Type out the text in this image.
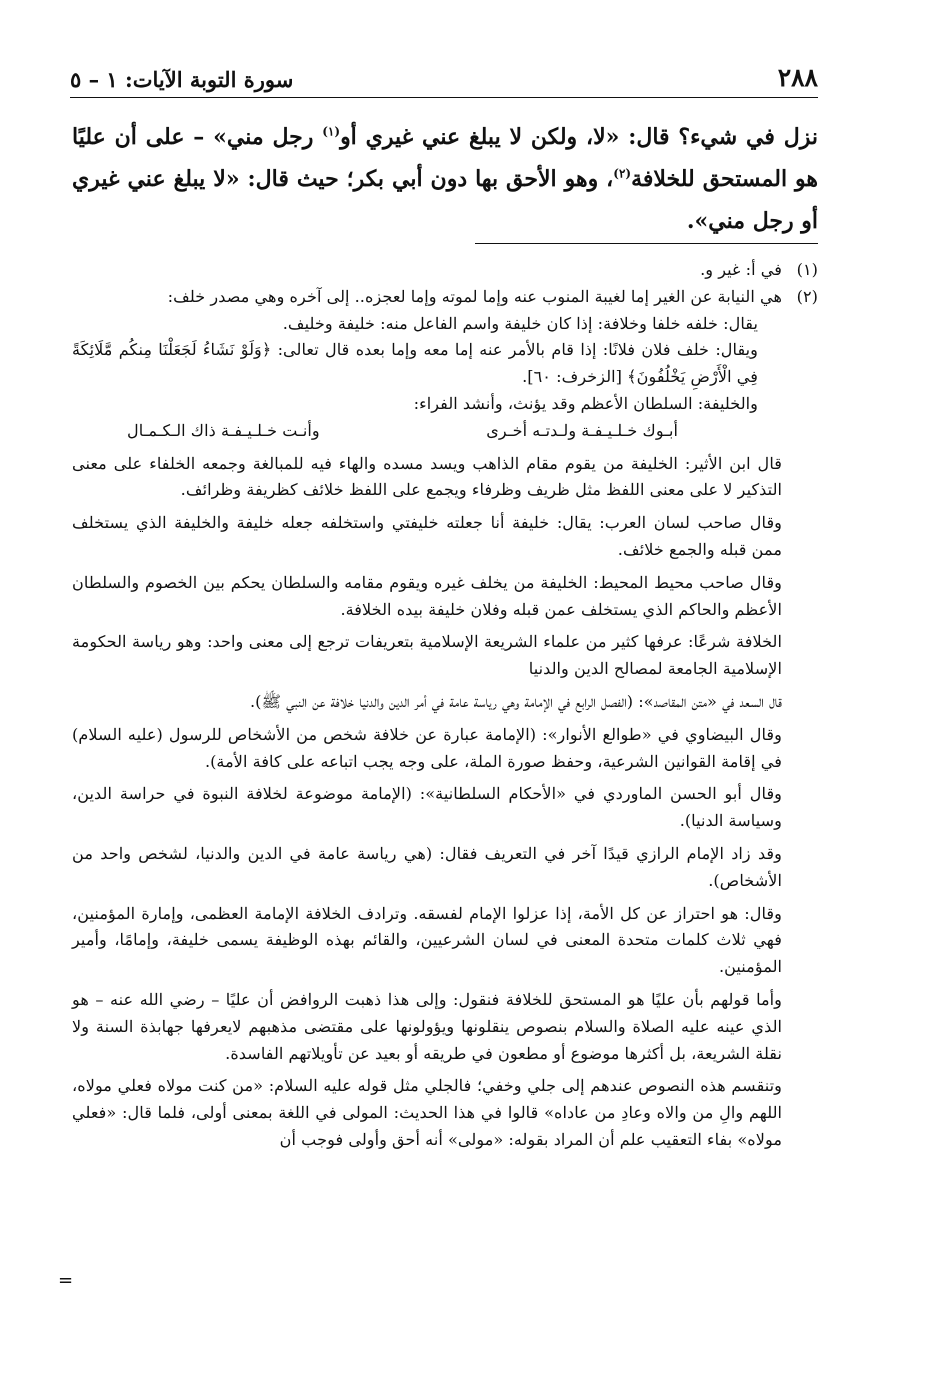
٢٨٨
سورة التوبة الآيات: ١ – ٥
نزل في شيء؟ قال: «لا، ولكن لا يبلغ عني غيري أو$^{(١)}$ رجل مني» – على أن عليًا هو المستحق للخلافة$^{(٢)}$، وهو الأحق بها دون أبي بكر؛ حيث قال: «لا يبلغ عني غيري أو رجل مني».

(١)في أ: غير و.

(٢)هي النيابة عن الغير إما لغيبة المنوب عنه وإما لموته وإما لعجزه.. إلى آخره وهي مصدر خلف:

يقال: خلفه خلفا وخلافة: إذا كان خليفة واسم الفاعل منه: خليفة وخليف.

ويقال: خلف فلان فلانًا: إذا قام بالأمر عنه إما معه وإما بعده قال تعالى: ﴿وَلَوْ نَشَاءُ لَجَعَلْنَا مِنكُم مَّلَائِكَةً فِي الْأَرْضِ يَخْلُفُونَ﴾ [الزخرف: ٦٠].

والخليفة: السلطان الأعظم وقد يؤنث، وأنشد الفراء:

أبـوك خـلـيـفـة ولـدتـه أخـرى
وأنـت خـلـيـفـة ذاك الـكـمـال

قال ابن الأثير: الخليفة من يقوم مقام الذاهب ويسد مسده والهاء فيه للمبالغة وجمعه الخلفاء على معنى التذكير لا على معنى اللفظ مثل ظريف وظرفاء ويجمع على اللفظ خلائف كظريفة وظرائف.

وقال صاحب لسان العرب: يقال: خليفة أنا جعلته خليفتي واستخلفه جعله خليفة والخليفة الذي يستخلف ممن قبله والجمع خلائف.

وقال صاحب محيط المحيط: الخليفة من يخلف غيره ويقوم مقامه والسلطان يحكم بين الخصوم والسلطان الأعظم والحاكم الذي يستخلف عمن قبله وفلان خليفة بيده الخلافة.

الخلافة شرعًا: عرفها كثير من علماء الشريعة الإسلامية بتعريفات ترجع إلى معنى واحد: وهو رياسة الحكومة الإسلامية الجامعة لمصالح الدين والدنيا

قال السعد في «متن المقاصد»: (الفصل الرابع في الإمامة وهي رياسة عامة في أمر الدين والدنيا خلافة عن النبي ﷺ).

وقال البيضاوي في «طوالع الأنوار»: (الإمامة عبارة عن خلافة شخص من الأشخاص للرسول (عليه السلام) في إقامة القوانين الشرعية، وحفظ صورة الملة، على وجه يجب اتباعه على كافة الأمة).

وقال أبو الحسن الماوردي في «الأحكام السلطانية»: (الإمامة موضوعة لخلافة النبوة في حراسة الدين، وسياسة الدنيا).

وقد زاد الإمام الرازي قيدًا آخر في التعريف فقال: (هي رياسة عامة في الدين والدنيا، لشخص واحد من الأشخاص).

وقال: هو احتراز عن كل الأمة، إذا عزلوا الإمام لفسقه. وترادف الخلافة الإمامة العظمى، وإمارة المؤمنين، فهي ثلاث كلمات متحدة المعنى في لسان الشرعيين، والقائم بهذه الوظيفة يسمى خليفة، وإمامًا، وأمير المؤمنين.

وأما قولهم بأن عليًا هو المستحق للخلافة فنقول: وإلى هذا ذهبت الروافض أن عليًا – رضي الله عنه – هو الذي عينه عليه الصلاة والسلام بنصوص ينقلونها ويؤولونها على مقتضى مذهبهم لايعرفها جهابذة السنة ولا نقلة الشريعة، بل أكثرها موضوع أو مطعون في طريقه أو بعيد عن تأويلاتهم الفاسدة.

وتنقسم هذه النصوص عندهم إلى جلي وخفي؛ فالجلي مثل قوله عليه السلام: «من كنت مولاه فعلي مولاه، اللهم والِ من والاه وعادِ من عاداه» قالوا في هذا الحديث: المولى في اللغة بمعنى أولى، فلما قال: «فعلي مولاه» بفاء التعقيب علم أن المراد بقوله: «مولى» أنه أحق وأولى فوجب أن

=
